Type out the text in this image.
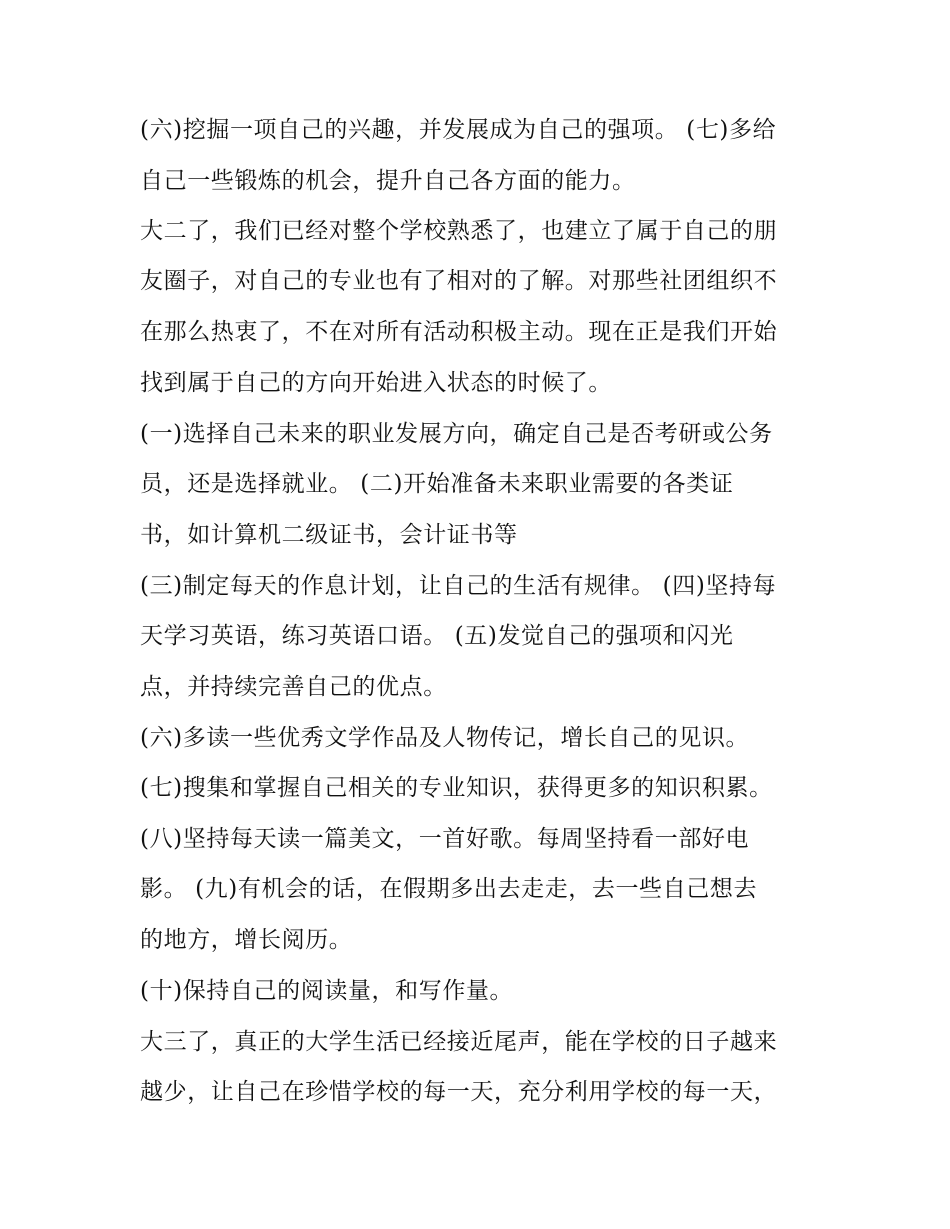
(六)挖掘一项自己的兴趣，并发展成为自己的强项。 (七)多给
自己一些锻炼的机会，提升自己各方面的能力。
大二了，我们已经对整个学校熟悉了，也建立了属于自己的朋
友圈子，对自己的专业也有了相对的了解。对那些社团组织不
在那么热衷了，不在对所有活动积极主动。现在正是我们开始
找到属于自己的方向开始进入状态的时候了。
(一)选择自己未来的职业发展方向，确定自己是否考研或公务
员，还是选择就业。 (二)开始准备未来职业需要的各类证
书，如计算机二级证书，会计证书等
(三)制定每天的作息计划，让自己的生活有规律。 (四)坚持每
天学习英语，练习英语口语。 (五)发觉自己的强项和闪光
点，并持续完善自己的优点。
(六)多读一些优秀文学作品及人物传记，增长自己的见识。
(七)搜集和掌握自己相关的专业知识，获得更多的知识积累。
(八)坚持每天读一篇美文，一首好歌。每周坚持看一部好电
影。 (九)有机会的话，在假期多出去走走，去一些自己想去
的地方，增长阅历。
(十)保持自己的阅读量，和写作量。
大三了，真正的大学生活已经接近尾声，能在学校的日子越来
越少，让自己在珍惜学校的每一天，充分利用学校的每一天，
